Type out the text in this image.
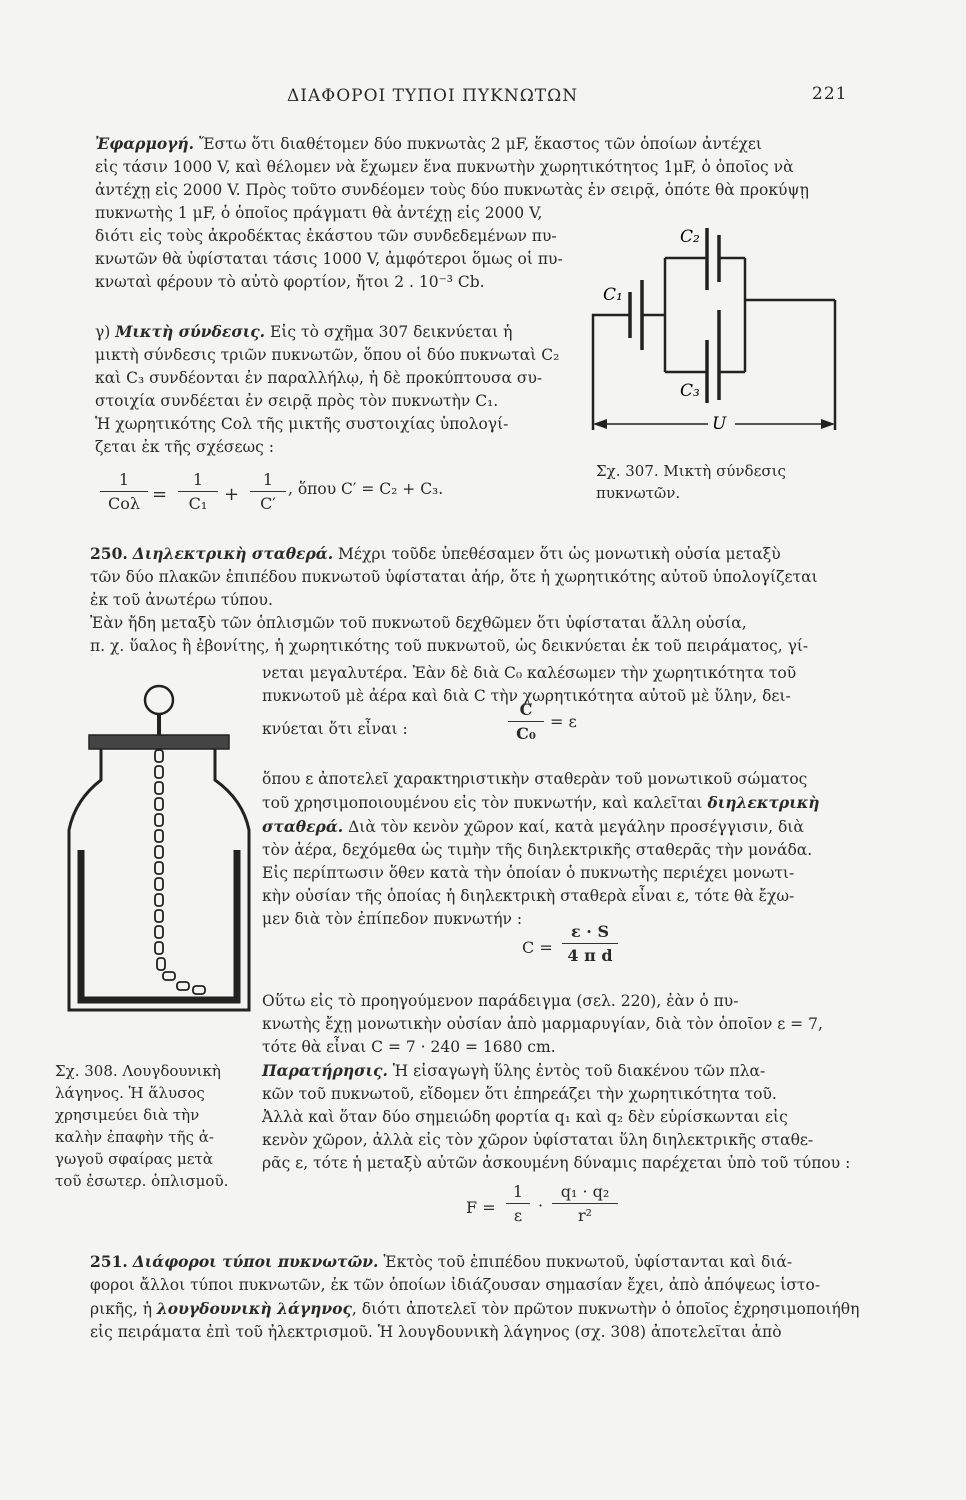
ΔΙΑΦΟΡΟΙ ΤΥΠΟΙ ΠΥΚΝΩΤΩΝ	221
Ἐφαρμογή. Ἔστω ὅτι διαθέτομεν δύο πυκνωτὰς 2 μF, ἕκαστος τῶν ὁποίων ἀντέχει
εἰς τάσιν 1000 V, καὶ θέλομεν νὰ ἔχωμεν ἕνα πυκνωτὴν χωρητικότητος 1μF, ὁ ὁποῖος νὰ
ἀντέχῃ εἰς 2000 V. Πρὸς τοῦτο συνδέομεν τοὺς δύο πυκνωτὰς ἐν σειρᾷ, ὁπότε θὰ προκύψῃ
πυκνωτὴς 1 μF, ὁ ὁποῖος πράγματι θὰ ἀντέχῃ εἰς 2000 V,
διότι εἰς τοὺς ἀκροδέκτας ἑκάστου τῶν συνδεδεμένων πυ-
κνωτῶν θὰ ὑφίσταται τάσις 1000 V, ἀμφότεροι ὅμως οἱ πυ-
κνωταὶ φέρουν τὸ αὐτὸ φορτίον, ἤτοι 2 . 10⁻³ Cb.
γ) Μικτὴ σύνδεσις. Εἰς τὸ σχῆμα 307 δεικνύεται ἡ
μικτὴ σύνδεσις τριῶν πυκνωτῶν, ὅπου οἱ δύο πυκνωταὶ C₂
καὶ C₃ συνδέονται ἐν παραλλήλῳ, ἡ δὲ προκύπτουσα συ-
στοιχία συνδέεται ἐν σειρᾷ πρὸς τὸν πυκνωτὴν C₁.
Ἡ χωρητικότης Cολ τῆς μικτῆς συστοιχίας ὑπολογί-
ζεται ἐκ τῆς σχέσεως :
1
Cολ =
1
C₁ +
1
C′
, ὅπου C′ = C₂ + C₃.
C₂
C₁
C₃
U
Σχ. 307. Μικτὴ σύνδεσις πυκνωτῶν.
250. Διηλεκτρικὴ σταθερά. Μέχρι τοῦδε ὑπεθέσαμεν ὅτι ὡς μονωτικὴ οὐσία μεταξὺ
τῶν δύο πλακῶν ἐπιπέδου πυκνωτοῦ ὑφίσταται ἀήρ, ὅτε ἡ χωρητικότης αὐτοῦ ὑπολογίζεται
ἐκ τοῦ ἀνωτέρω τύπου.
Ἐὰν ἤδη μεταξὺ τῶν ὁπλισμῶν τοῦ πυκνωτοῦ δεχθῶμεν ὅτι ὑφίσταται ἄλλη οὐσία,
π. χ. ὕαλος ἢ ἐβονίτης, ἡ χωρητικότης τοῦ πυκνωτοῦ, ὡς δεικνύεται ἐκ τοῦ πειράματος, γί-
νεται μεγαλυτέρα. Ἐὰν δὲ διὰ C₀ καλέσωμεν τὴν χωρητικότητα τοῦ
πυκνωτοῦ μὲ ἀέρα καὶ διὰ C τὴν χωρητικότητα αὐτοῦ μὲ ὕλην, δει-
κνύεται ὅτι εἶναι :
C
C₀
= ε
ὅπου ε ἀποτελεῖ χαρακτηριστικὴν σταθερὰν τοῦ μονωτικοῦ σώματος
τοῦ χρησιμοποιουμένου εἰς τὸν πυκνωτήν, καὶ καλεῖται διηλεκτρικὴ
σταθερά. Διὰ τὸν κενὸν χῶρον καί, κατὰ μεγάλην προσέγγισιν, διὰ
τὸν ἀέρα, δεχόμεθα ὡς τιμὴν τῆς διηλεκτρικῆς σταθερᾶς τὴν μονάδα.
Εἰς περίπτωσιν ὅθεν κατὰ τὴν ὁποίαν ὁ πυκνωτὴς περιέχει μονωτι-
κὴν οὐσίαν τῆς ὁποίας ἡ διηλεκτρικὴ σταθερὰ εἶναι ε, τότε θὰ ἔχω-
μεν διὰ τὸν ἐπίπεδον πυκνωτήν :
C =
ε · S
4 π d
Οὕτω εἰς τὸ προηγούμενον παράδειγμα (σελ. 220), ἐὰν ὁ πυ-
κνωτὴς ἔχῃ μονωτικὴν οὐσίαν ἀπὸ μαρμαρυγίαν, διὰ τὸν ὁποῖον ε = 7,
τότε θὰ εἶναι C = 7 · 240 = 1680 cm.
Παρατήρησις. Ἡ εἰσαγωγὴ ὕλης ἐντὸς τοῦ διακένου τῶν πλα-
κῶν τοῦ πυκνωτοῦ, εἴδομεν ὅτι ἐπηρεάζει τὴν χωρητικότητα τοῦ.
Ἀλλὰ καὶ ὅταν δύο σημειώδη φορτία q₁ καὶ q₂ δὲν εὑρίσκωνται εἰς
κενὸν χῶρον, ἀλλὰ εἰς τὸν χῶρον ὑφίσταται ὕλη διηλεκτρικῆς σταθε-
ρᾶς ε, τότε ἡ μεταξὺ αὐτῶν ἀσκουμένη δύναμις παρέχεται ὑπὸ τοῦ τύπου :
F =
1
ε
·
q₁ · q₂
r²
Σχ. 308. Λουγδουνικὴ
λάγηνος. Ἡ ἅλυσος
χρησιμεύει διὰ τὴν
καλὴν ἐπαφὴν τῆς ἀ-
γωγοῦ σφαίρας μετὰ
τοῦ ἐσωτερ. ὁπλισμοῦ.
251. Διάφοροι τύποι πυκνωτῶν. Ἐκτὸς τοῦ ἐπιπέδου πυκνωτοῦ, ὑφίστανται καὶ διά-
φοροι ἄλλοι τύποι πυκνωτῶν, ἐκ τῶν ὁποίων ἰδιάζουσαν σημασίαν ἔχει, ἀπὸ ἀπόψεως ἱστο-
ρικῆς, ἡ λουγδουνικὴ λάγηνος, διότι ἀποτελεῖ τὸν πρῶτον πυκνωτὴν ὁ ὁποῖος ἐχρησιμοποιήθη
εἰς πειράματα ἐπὶ τοῦ ἠλεκτρισμοῦ. Ἡ λουγδουνικὴ λάγηνος (σχ. 308) ἀποτελεῖται ἀπὸ
